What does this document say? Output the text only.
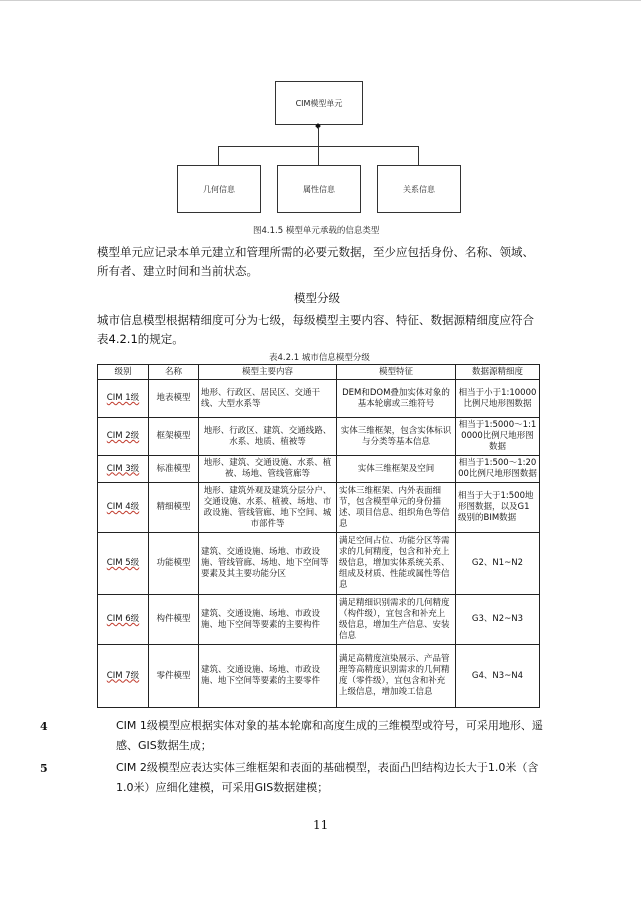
CIM模型单元
几何信息	属性信息	关系信息
图4.1.5 模型单元承载的信息类型
模型单元应记录本单元建立和管理所需的必要元数据，至少应包括身份、名称、领域、所有者、建立时间和当前状态。
模型分级
城市信息模型根据精细度可分为七级，每级模型主要内容、特征、数据源精细度应符合表4.2.1的规定。
表4.2.1 城市信息模型分级
级别	名称	模型主要内容	模型特征	数据源精细度
CIM 1级	地表模型	地形、行政区、居民区、交通干线、大型水系等	DEM和DOM叠加实体对象的基本轮廓或三维符号	相当于小于1:10000比例尺地形图数据
CIM 2级	框架模型	地形、行政区、建筑、交通线路、水系、地质、植被等	实体三维框架，包含实体标识与分类等基本信息	相当于1:5000～1:10000比例尺地形图数据
CIM 3级	标准模型	地形、建筑、交通设施、水系、植被、场地、管线管廊等	实体三维框架及空间	相当于1:500～1:2000比例尺地形图数据
CIM 4级	精细模型	地形、建筑外观及建筑分层分户、交通设施、水系、植被、场地、市政设施、管线管廊、地下空间、城市部件等	实体三维框架、内外表面细节，包含模型单元的身份描述、项目信息、组织角色等信息	相当于大于1:500地形图数据，以及G1级别的BIM数据
CIM 5级	功能模型	建筑、交通设施、场地、市政设施、管线管廊、场地、地下空间等要素及其主要功能分区	满足空间占位、功能分区等需求的几何精度，包含和补充上级信息，增加实体系统关系、组成及材质、性能或属性等信息	G2、N1~N2
CIM 6级	构件模型	建筑、交通设施、场地、市政设施、地下空间等要素的主要构件	满足精细识别需求的几何精度（构件级），宜包含和补充上级信息，增加生产信息、安装信息	G3、N2~N3
CIM 7级	零件模型	建筑、交通设施、场地、市政设施、地下空间等要素的主要零件	满足高精度渲染展示、产品管理等高精度识别需求的几何精度（零件级），宜包含和补充上级信息，增加竣工信息	G4、N3~N4
4	CIM 1级模型应根据实体对象的基本轮廓和高度生成的三维模型或符号，可采用地形、遥感、GIS数据生成；
5	CIM 2级模型应表达实体三维框架和表面的基础模型，表面凸凹结构边长大于1.0米（含1.0米）应细化建模，可采用GIS数据建模；
11
